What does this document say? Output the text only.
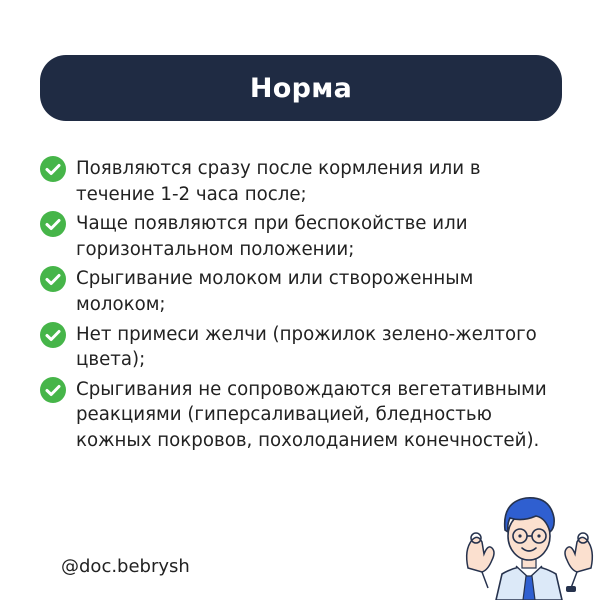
Норма
Появляются сразу после кормления или в течение 1-2 часа после;
Чаще появляются при беспокойстве или горизонтальном положении;
Срыгивание молоком или створоженным молоком;
Нет примеси желчи (прожилок зелено-желтого цвета);
Срыгивания не сопровождаются вегетативными реакциями (гиперсаливацией, бледностью кожных покровов, похолоданием конечностей).
@doc.bebrysh
